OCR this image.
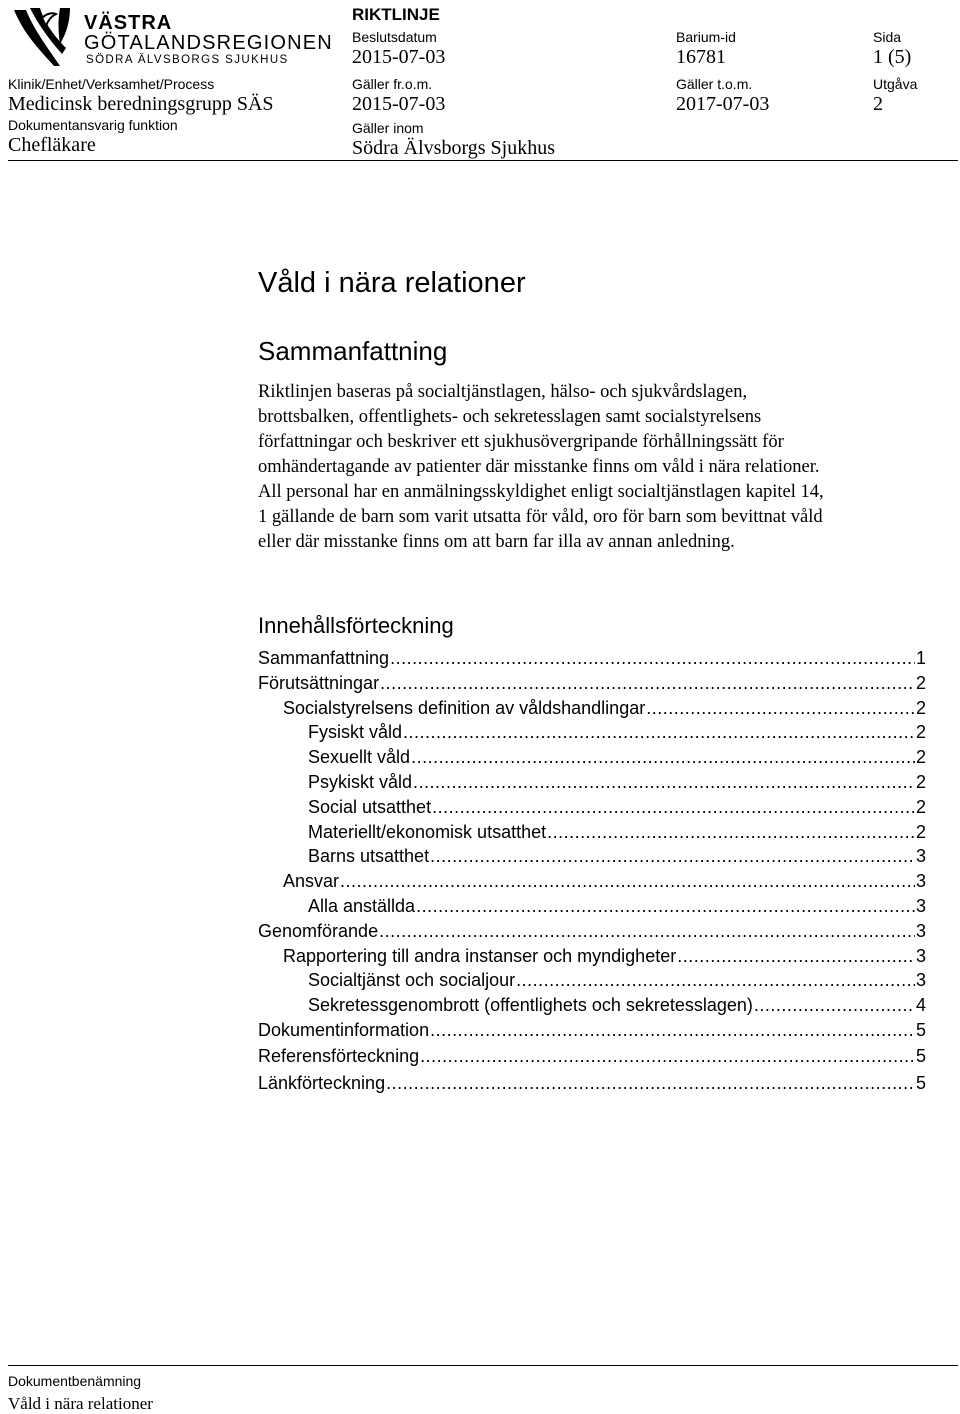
VÄSTRA
GÖTALANDSREGIONEN
SÖDRA ÄLVSBORGS SJUKHUS
RIKTLINJE
Beslutsdatum
2015-07-03
Barium-id
16781
Sida
1 (5)
Klinik/Enhet/Verksamhet/Process
Medicinsk beredningsgrupp SÄS
Gäller fr.o.m.
2015-07-03
Gäller t.o.m.
2017-07-03
Utgåva
2
Dokumentansvarig funktion
Chefläkare
Gäller inom
Södra Älvsborgs Sjukhus
Våld i nära relationer
Sammanfattning

Riktlinjen baseras på socialtjänstlagen, hälso- och sjukvårdslagen,

brottsbalken, offentlighets- och sekretesslagen samt socialstyrelsens

författningar och beskriver ett sjukhusövergripande förhållningssätt för

omhändertagande av patienter där misstanke finns om våld i nära relationer.

All personal har en anmälningsskyldighet enligt socialtjänstlagen kapitel 14,

1 gällande de barn som varit utsatta för våld, oro för barn som bevittnat våld

eller där misstanke finns om att barn far illa av annan anledning.

Innehållsförteckning
Sammanfattning .....	1
Förutsättningar .....	2
Socialstyrelsens definition av våldshandlingar .....	2
Fysiskt våld .....	2
Sexuellt våld .....	2
Psykiskt våld .....	2
Social utsatthet .....	2
Materiellt/ekonomisk utsatthet .....	2
Barns utsatthet .....	3
Ansvar .....	3
Alla anställda .....	3
Genomförande .....	3
Rapportering till andra instanser och myndigheter .....	3
Socialtjänst och socialjour .....	3
Sekretessgenombrott (offentlighets och sekretesslagen) .....	4
Dokumentinformation .....	5
Referensförteckning .....	5
Länkförteckning .....	5
Dokumentbenämning
Våld i nära relationer
